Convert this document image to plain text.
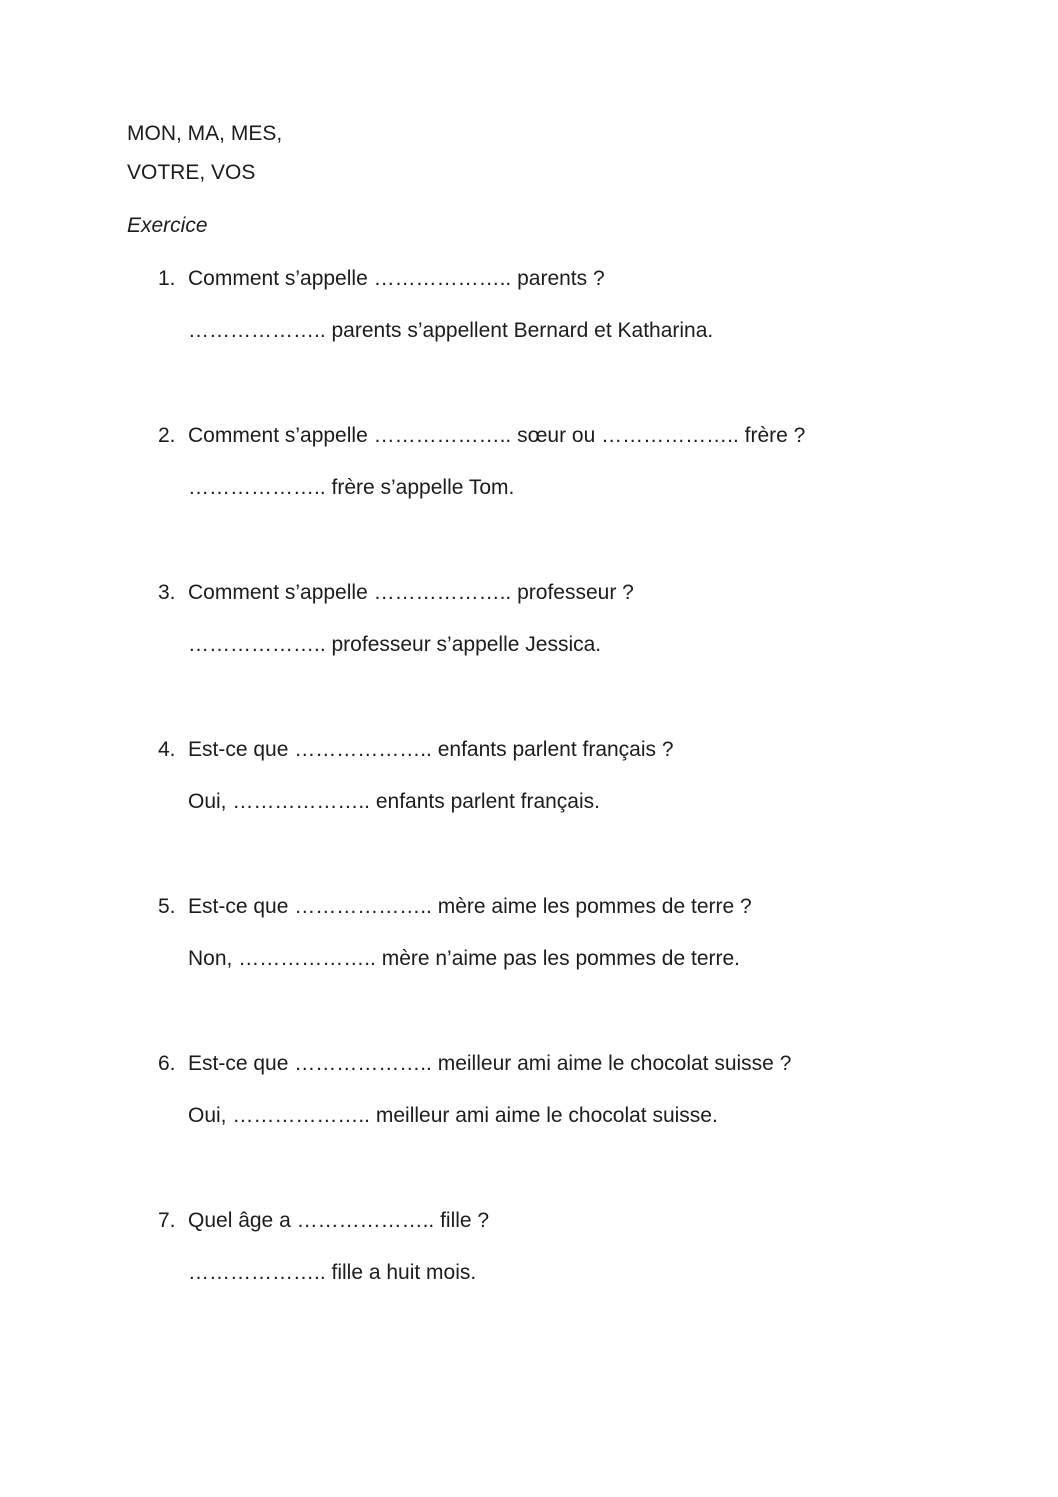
MON, MA, MES,

VOTRE, VOS

Exercice

1. Comment s’appelle ……………….. parents ?

……………….. parents s’appellent Bernard et Katharina.

2. Comment s’appelle ……………….. sœur ou ……………….. frère ?

……………….. frère s’appelle Tom.

3. Comment s’appelle ……………….. professeur ?

……………….. professeur s’appelle Jessica.

4. Est-ce que ……………….. enfants parlent français ?

Oui, ……………….. enfants parlent français.

5. Est-ce que ……………….. mère aime les pommes de terre ?

Non, ……………….. mère n’aime pas les pommes de terre.

6. Est-ce que ……………….. meilleur ami aime le chocolat suisse ?

Oui, ……………….. meilleur ami aime le chocolat suisse.

7. Quel âge a ……………….. fille ?

……………….. fille a huit mois.
